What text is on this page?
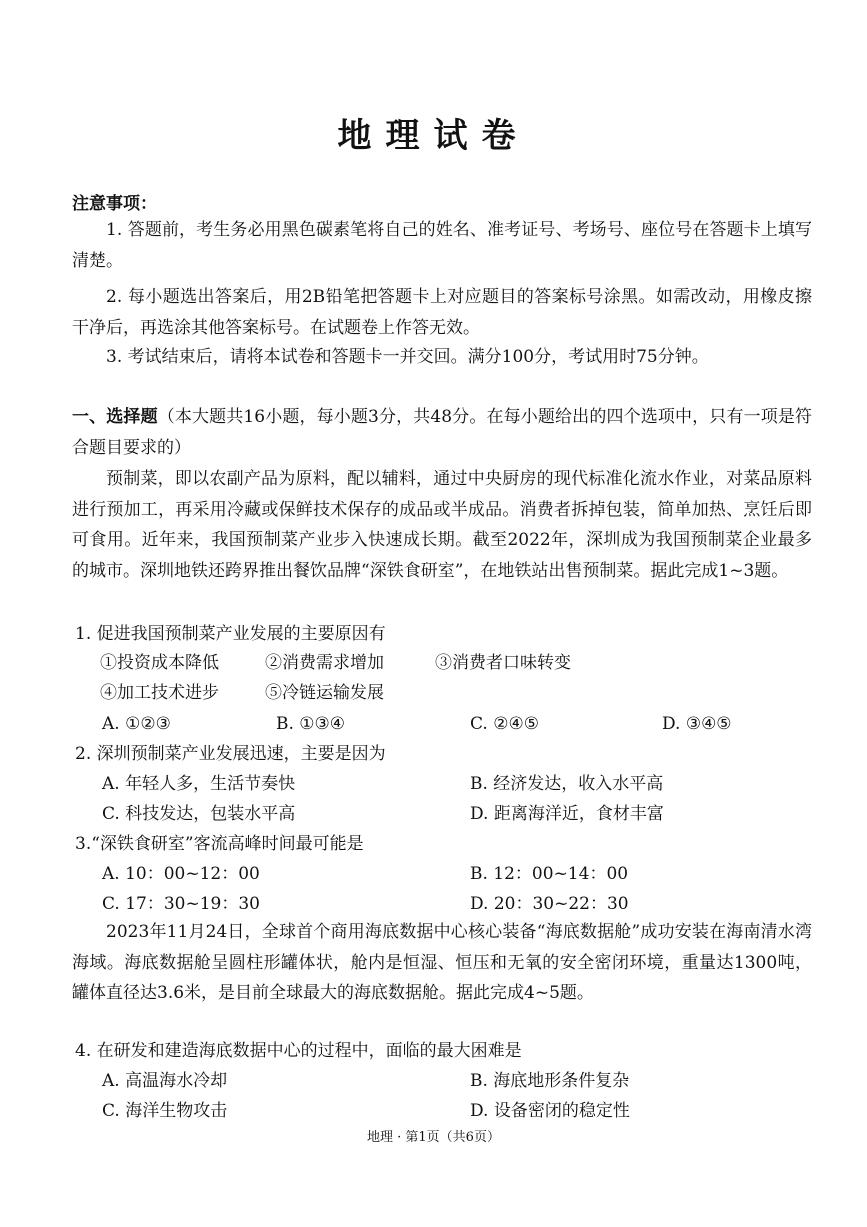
地理试卷
注意事项：
1. 答题前，考生务必用黑色碳素笔将自己的姓名、准考证号、考场号、座位号在答题卡上填写清楚。
2. 每小题选出答案后，用2B铅笔把答题卡上对应题目的答案标号涂黑。如需改动，用橡皮擦干净后，再选涂其他答案标号。在试题卷上作答无效。
3. 考试结束后，请将本试卷和答题卡一并交回。满分100分，考试用时75分钟。
一、选择题（本大题共16小题，每小题3分，共48分。在每小题给出的四个选项中，只有一项是符合题目要求的）
预制菜，即以农副产品为原料，配以辅料，通过中央厨房的现代标准化流水作业，对菜品原料进行预加工，再采用冷藏或保鲜技术保存的成品或半成品。消费者拆掉包装，简单加热、烹饪后即可食用。近年来，我国预制菜产业步入快速成长期。截至2022年，深圳成为我国预制菜企业最多的城市。深圳地铁还跨界推出餐饮品牌“深铁食研室”，在地铁站出售预制菜。据此完成1~3题。
1. 促进我国预制菜产业发展的主要原因有
①投资成本降低	②消费需求增加	③消费者口味转变
④加工技术进步	⑤冷链运输发展
A. ①②③	B. ①③④	C. ②④⑤	D. ③④⑤
2. 深圳预制菜产业发展迅速，主要是因为
A. 年轻人多，生活节奏快	B. 经济发达，收入水平高
C. 科技发达，包装水平高	D. 距离海洋近，食材丰富
3.“深铁食研室”客流高峰时间最可能是
A. 10：00~12：00	B. 12：00~14：00
C. 17：30~19：30	D. 20：30~22：30
2023年11月24日，全球首个商用海底数据中心核心装备“海底数据舱”成功安装在海南清水湾海域。海底数据舱呈圆柱形罐体状，舱内是恒湿、恒压和无氧的安全密闭环境，重量达1300吨，罐体直径达3.6米，是目前全球最大的海底数据舱。据此完成4~5题。
4. 在研发和建造海底数据中心的过程中，面临的最大困难是
A. 高温海水冷却	B. 海底地形条件复杂
C. 海洋生物攻击	D. 设备密闭的稳定性
地理 · 第1页（共6页）
